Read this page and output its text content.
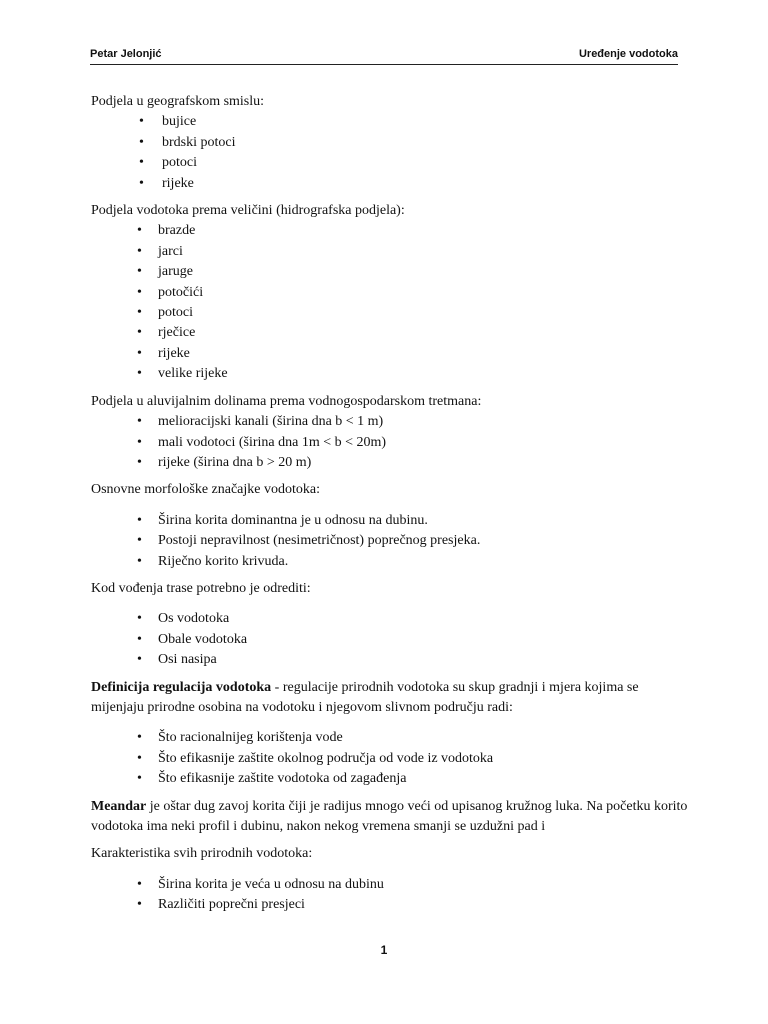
Petar Jelonjić	Uređenje vodotoka

Podjela u geografskom smislu:

• bujice
• brdski potoci
• potoci
• rijeke

Podjela vodotoka prema veličini (hidrografska podjela):

• brazde
• jarci
• jaruge
• potočići
• potoci
• rječice
• rijeke
• velike rijeke

Podjela u aluvijalnim dolinama prema vodnogospodarskom tretmana:

• melioracijski kanali (širina dna b < 1 m)
• mali vodotoci (širina dna 1m < b < 20m)
• rijeke (širina dna b > 20 m)

Osnovne morfološke značajke vodotoka:

• Širina korita dominantna je u odnosu na dubinu.
• Postoji nepravilnost (nesimetričnost) poprečnog presjeka.
• Riječno korito krivuda.

Kod vođenja trase potrebno je odrediti:

• Os vodotoka
• Obale vodotoka
• Osi nasipa

Definicija regulacija vodotoka - regulacije prirodnih vodotoka su skup gradnji i mjera kojima se mijenjaju prirodne osobina na vodotoku i njegovom slivnom području radi:

• Što racionalnijeg korištenja vode
• Što efikasnije zaštite okolnog područja od vode iz vodotoka
• Što efikasnije zaštite vodotoka od zagađenja

Meandar je oštar dug zavoj korita čiji je radijus mnogo veći od upisanog kružnog luka. Na početku korito vodotoka ima neki profil i dubinu, nakon nekog vremena smanji se uzdužni pad i

Karakteristika svih prirodnih vodotoka:

• Širina korita je veća u odnosu na dubinu
• Različiti poprečni presjeci
1
